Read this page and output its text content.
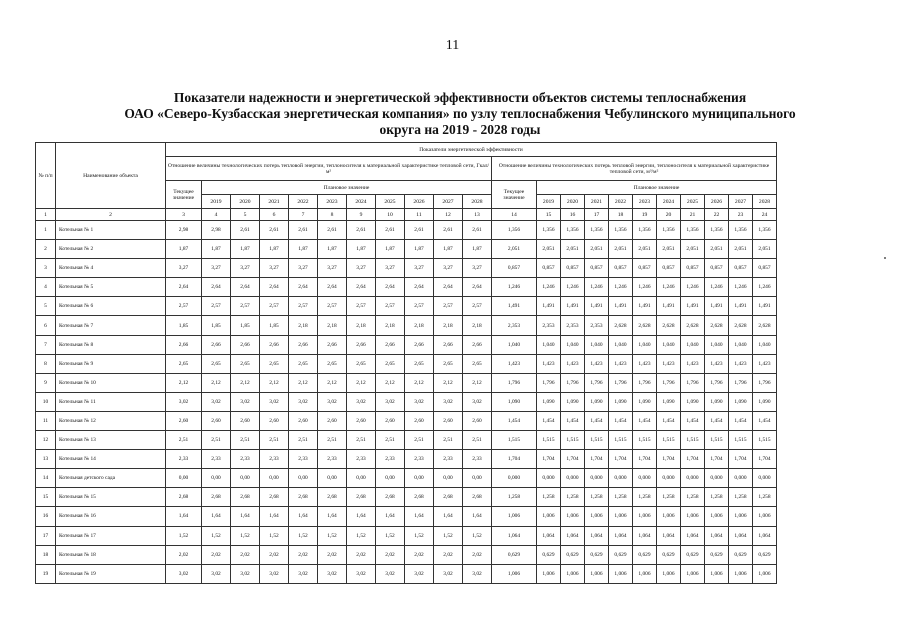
11
Показатели надежности и энергетической эффективности объектов системы теплоснабжения
ОАО «Северо-Кузбасская энергетическая компания» по узлу теплоснабжения Чебулинского муниципального
округа на 2019 - 2028 годы
№ п/п	Наименование объекта	Показатели энергетической эффективности																					
		Отношение величины технологических потерь тепловой энергии, теплоносителя к материальной характеристике тепловой сети, Гкал/м²											Отношение величины технологических потерь тепловой энергии, теплоносителя к материальной характеристике тепловой сети, м³/м²										
		Текущее значение	Плановое значение										Текущее значение	Плановое значение									
			2019	2020	2021	2022	2023	2024	2025	2026	2027	2028		2019	2020	2021	2022	2023	2024	2025	2026	2027	2028
1	2	3	4	5	6	7	8	9	10	11	12	13	14	15	16	17	18	19	20	21	22	23	24
1	Котельная № 1	2,98	2,98	2,61	2,61	2,61	2,61	2,61	2,61	2,61	2,61	2,61	1,356	1,356	1,356	1,356	1,356	1,356	1,356	1,356	1,356	1,356	1,356
2	Котельная № 2	1,87	1,87	1,87	1,87	1,87	1,87	1,87	1,87	1,87	1,87	1,87	2,051	2,051	2,051	2,051	2,051	2,051	2,051	2,051	2,051	2,051	2,051
3	Котельная № 4	3,27	3,27	3,27	3,27	3,27	3,27	3,27	3,27	3,27	3,27	3,27	0,857	0,857	0,857	0,857	0,857	0,857	0,857	0,857	0,857	0,857	0,857
4	Котельная № 5	2,64	2,64	2,64	2,64	2,64	2,64	2,64	2,64	2,64	2,64	2,64	1,246	1,246	1,246	1,246	1,246	1,246	1,246	1,246	1,246	1,246	1,246
5	Котельная № 6	2,57	2,57	2,57	2,57	2,57	2,57	2,57	2,57	2,57	2,57	2,57	1,491	1,491	1,491	1,491	1,491	1,491	1,491	1,491	1,491	1,491	1,491
6	Котельная № 7	1,85	1,85	1,85	1,85	2,18	2,18	2,18	2,18	2,18	2,18	2,18	2,353	2,353	2,353	2,353	2,628	2,628	2,628	2,628	2,628	2,628	2,628
7	Котельная № 8	2,66	2,66	2,66	2,66	2,66	2,66	2,66	2,66	2,66	2,66	2,66	1,040	1,040	1,040	1,040	1,040	1,040	1,040	1,040	1,040	1,040	1,040
8	Котельная № 9	2,65	2,65	2,65	2,65	2,65	2,65	2,65	2,65	2,65	2,65	2,65	1,423	1,423	1,423	1,423	1,423	1,423	1,423	1,423	1,423	1,423	1,423
9	Котельная № 10	2,12	2,12	2,12	2,12	2,12	2,12	2,12	2,12	2,12	2,12	2,12	1,796	1,796	1,796	1,796	1,796	1,796	1,796	1,796	1,796	1,796	1,796
10	Котельная № 11	3,02	3,02	3,02	3,02	3,02	3,02	3,02	3,02	3,02	3,02	3,02	1,090	1,090	1,090	1,090	1,090	1,090	1,090	1,090	1,090	1,090	1,090
11	Котельная № 12	2,60	2,60	2,60	2,60	2,60	2,60	2,60	2,60	2,60	2,60	2,60	1,454	1,454	1,454	1,454	1,454	1,454	1,454	1,454	1,454	1,454	1,454
12	Котельная № 13	2,51	2,51	2,51	2,51	2,51	2,51	2,51	2,51	2,51	2,51	2,51	1,515	1,515	1,515	1,515	1,515	1,515	1,515	1,515	1,515	1,515	1,515
13	Котельная № 14	2,33	2,33	2,33	2,33	2,33	2,33	2,33	2,33	2,33	2,33	2,33	1,704	1,704	1,704	1,704	1,704	1,704	1,704	1,704	1,704	1,704	1,704
14	Котельная детского сада	0,00	0,00	0,00	0,00	0,00	0,00	0,00	0,00	0,00	0,00	0,00	0,000	0,000	0,000	0,000	0,000	0,000	0,000	0,000	0,000	0,000	0,000
15	Котельная № 15	2,68	2,68	2,68	2,68	2,68	2,68	2,68	2,68	2,68	2,68	2,68	1,258	1,258	1,258	1,258	1,258	1,258	1,258	1,258	1,258	1,258	1,258
16	Котельная № 16	1,64	1,64	1,64	1,64	1,64	1,64	1,64	1,64	1,64	1,64	1,64	1,006	1,006	1,006	1,006	1,006	1,006	1,006	1,006	1,006	1,006	1,006
17	Котельная № 17	1,52	1,52	1,52	1,52	1,52	1,52	1,52	1,52	1,52	1,52	1,52	1,064	1,064	1,064	1,064	1,064	1,064	1,064	1,064	1,064	1,064	1,064
18	Котельная № 18	2,02	2,02	2,02	2,02	2,02	2,02	2,02	2,02	2,02	2,02	2,02	0,629	0,629	0,629	0,629	0,629	0,629	0,629	0,629	0,629	0,629	0,629
19	Котельная № 19	3,02	3,02	3,02	3,02	3,02	3,02	3,02	3,02	3,02	3,02	3,02	1,006	1,006	1,006	1,006	1,006	1,006	1,006	1,006	1,006	1,006	1,006
